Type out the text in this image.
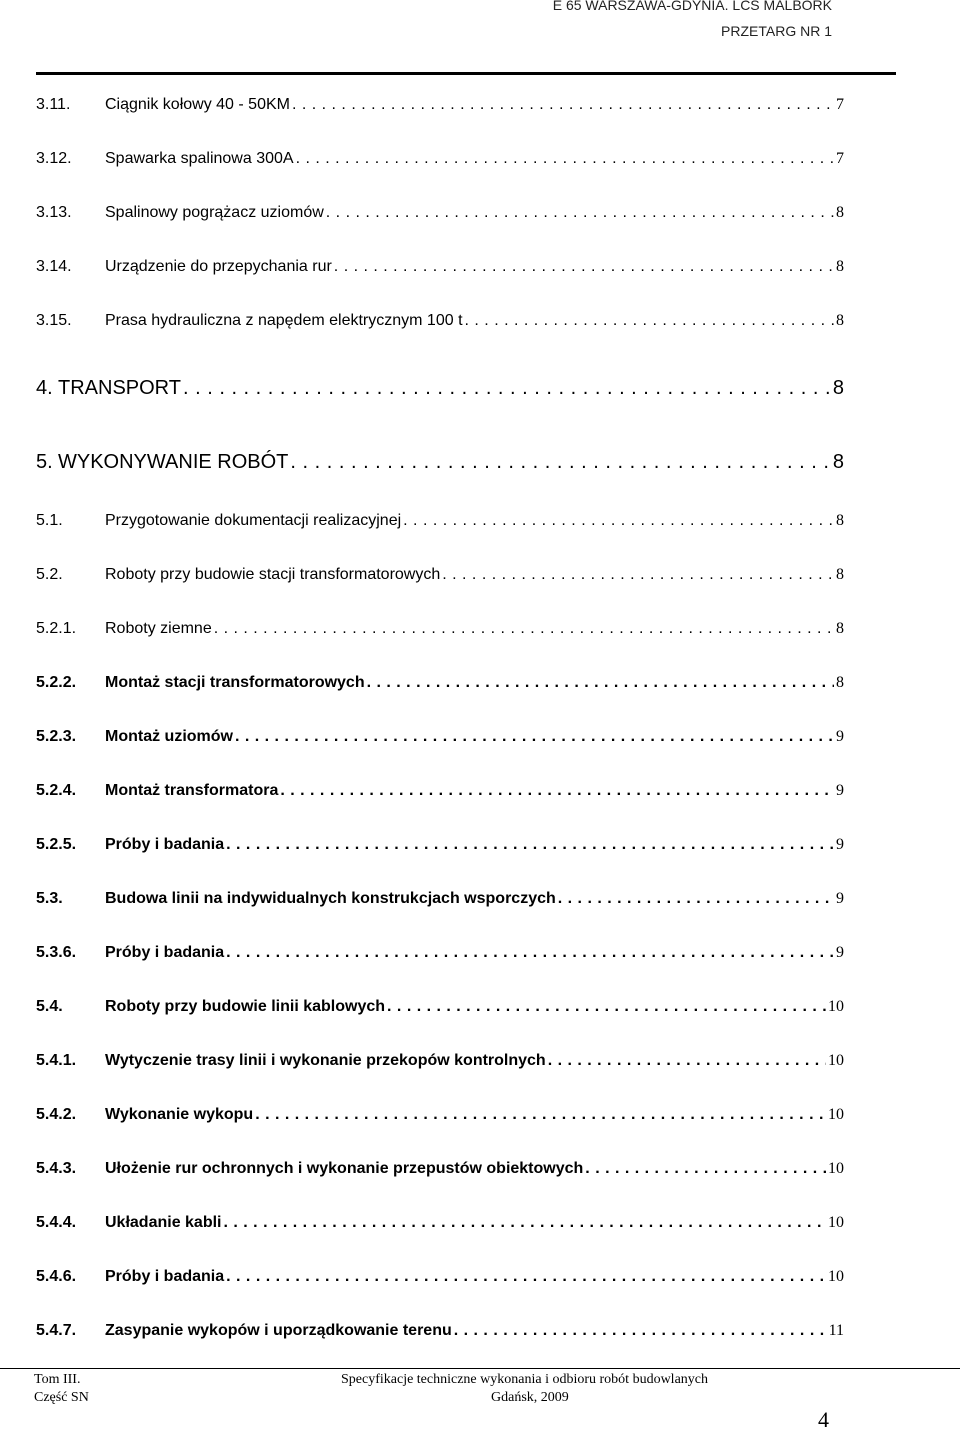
E 65 WARSZAWA-GDYNIA. LCS MALBORK
PRZETARG NR 1
3.11.	Ciągnik kołowy 40 - 50KM . . .	7
3.12.	Spawarka spalinowa 300A . . .	7
3.13.	Spalinowy pogrążacz uziomów . . .	8
3.14.	Urządzenie do przepychania rur . . .	8
3.15.	Prasa hydrauliczna z napędem elektrycznym 100 t . . .	8
4. TRANSPORT . . .	8
5. WYKONYWANIE ROBÓT . . .	8
5.1.	Przygotowanie dokumentacji realizacyjnej . . .	8
5.2.	Roboty przy budowie stacji transformatorowych . . .	8
5.2.1.	Roboty ziemne . . .	8
5.2.2.	Montaż stacji transformatorowych . . .	8
5.2.3.	Montaż uziomów . . .	9
5.2.4.	Montaż transformatora . . .	9
5.2.5.	Próby i badania . . .	9
5.3.	Budowa linii na indywidualnych konstrukcjach wsporczych . . .	9
5.3.6.	Próby i badania . . .	9
5.4.	Roboty przy budowie linii kablowych . . .	10
5.4.1.	Wytyczenie trasy linii i wykonanie przekopów kontrolnych . . .	10
5.4.2.	Wykonanie wykopu . . .	10
5.4.3.	Ułożenie rur ochronnych i wykonanie przepustów obiektowych . . .	10
5.4.4.	Układanie kabli . . .	10
5.4.6.	Próby i badania . . .	10
5.4.7.	Zasypanie wykopów i uporządkowanie terenu . . .	11
Tom III.
Część SN
Specyfikacje techniczne wykonania i odbioru robót budowlanych
Gdańsk, 2009
4
